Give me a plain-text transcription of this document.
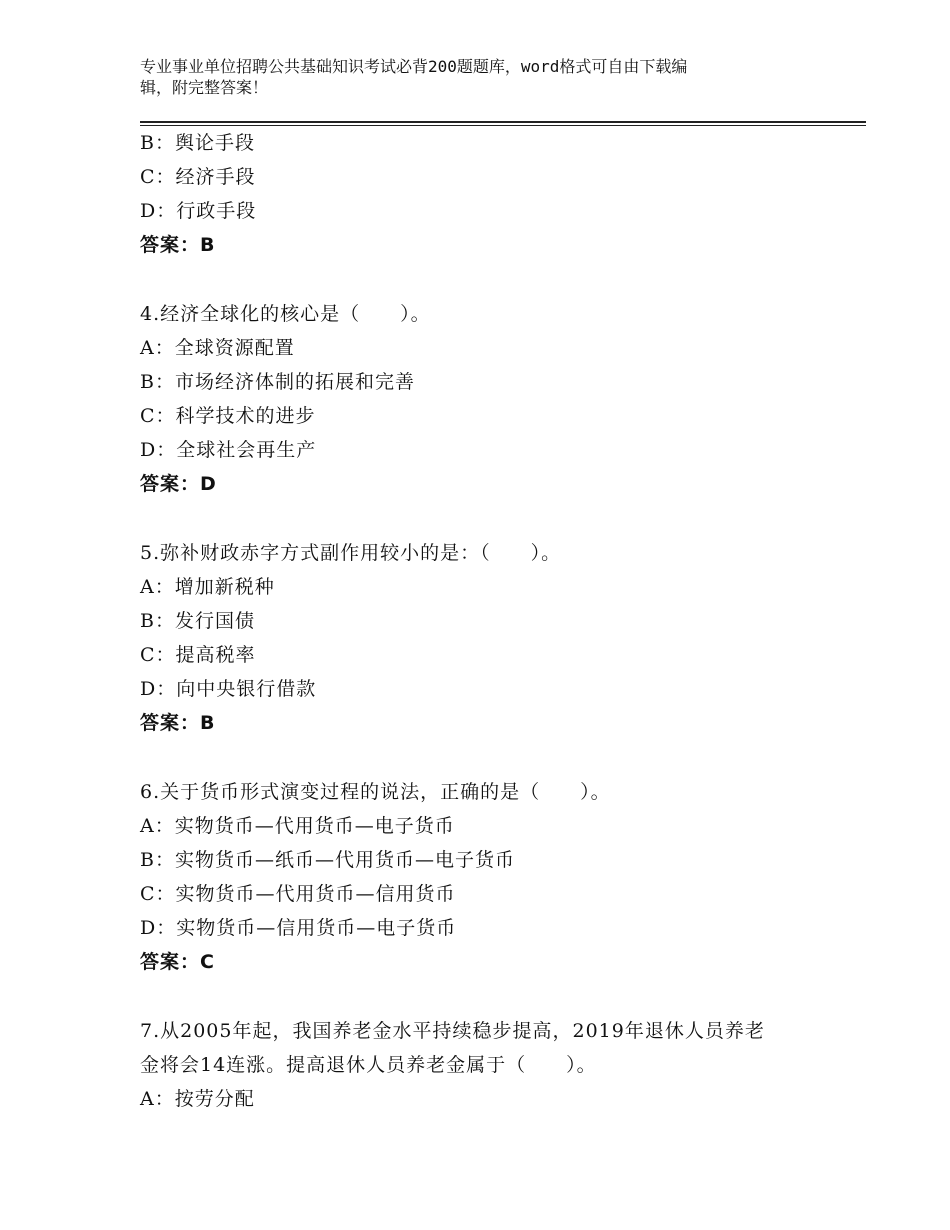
专业事业单位招聘公共基础知识考试必背200题题库，word格式可自由下载编
辑，附完整答案！
B：舆论手段
C：经济手段
D：行政手段
答案：B
4.经济全球化的核心是（　　）。
A：全球资源配置
B：市场经济体制的拓展和完善
C：科学技术的进步
D：全球社会再生产
答案：D
5.弥补财政赤字方式副作用较小的是：（　　）。
A：增加新税种
B：发行国债
C：提高税率
D：向中央银行借款
答案：B
6.关于货币形式演变过程的说法，正确的是（　　）。
A：实物货币—代用货币—电子货币
B：实物货币—纸币—代用货币—电子货币
C：实物货币—代用货币—信用货币
D：实物货币—信用货币—电子货币
答案：C
7.从2005年起，我国养老金水平持续稳步提高，2019年退休人员养老
金将会14连涨。提高退休人员养老金属于（　　）。
A：按劳分配
